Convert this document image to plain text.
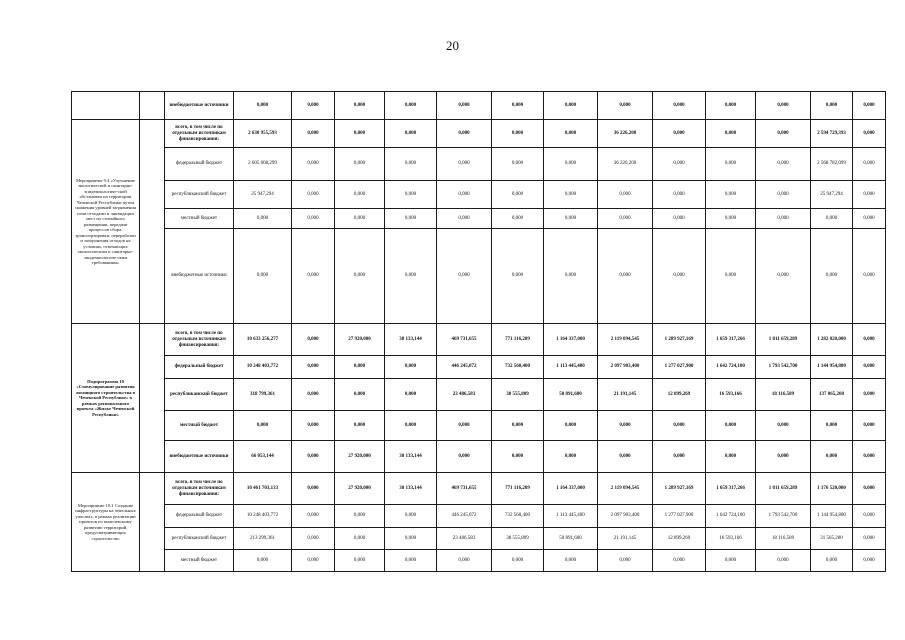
20
		внебюджетные источники	0,000	0,000	0,000	0,000	0,000	0,000	0,000	0,000	0,000	0,000	0,000	0,000	0,000
Мероприятие 9.4 «Улучшение экологической и санитарно-эпидемиологиче-ской обстановки на территории Чеченской Республики путем снижения уровней загрязнения почв отходами и ликвидации мест их стихийного размещения, передачи процессов сбора, транспортировки, переработки и захоронения отходов на условиях, отвечающих экологическим и санитарно-эпидемиологиче-ским требованиям»		всего, в том числе по отдельным источникам финансирования:	2 630 955,593	0,000	0,000	0,000	0,000	0,000	0,000	36 226,200	0,000	0,000	0,000	2 594 729,393	0,000
		федеральный бюджет	2 605 008,299	0,000	0,000	0,000	0,000	0,000	0,000	36 226,200	0,000	0,000	0,000	2 568 782,099	0,000
		республиканский бюджет	25 947,294	0,000	0,000	0,000	0,000	0,000	0,000	0,000	0,000	0,000	0,000	25 947,294	0,000
		местный бюджет	0,000	0,000	0,000	0,000	0,000	0,000	0,000	0,000	0,000	0,000	0,000	0,000	0,000
		внебюджетные источники	0,000	0,000	0,000	0,000	0,000	0,000	0,000	0,000	0,000	0,000	0,000	0,000	0,000
Подпрограмма 10 «Стимулирование развития жилищного строительства в Чеченской Республике» в рамках регионального проекта «Жилье Чеченской Республики»		всего, в том числе по отдельным источникам финансирования:	10 633 256,277	0,000	27 920,000	38 133,144	469 731,655	771 116,209	1 164 337,000	2 119 094,545	1 289 927,169	1 659 317,266	1 811 659,289	1 282 020,000	0,000
		федеральный бюджет	10 248 403,772	0,000	0,000	0,000	446 245,072	732 560,400	1 113 445,400	2 097 903,400	1 277 027,900	1 642 724,100	1 793 542,700	1 144 954,800	0,000
		республиканский бюджет	318 799,361	0,000	0,000	0,000	23 486,583	38 555,809	50 891,600	21 191,145	12 899,269	16 593,166	18 116,589	137 065,200	0,000
		местный бюджет	0,000	0,000	0,000	0,000	0,000	0,000	0,000	0,000	0,000	0,000	0,000	0,000	0,000
		внебюджетные источники	66 053,144	0,000	27 920,000	38 133,144	0,000	0,000	0,000	0,000	0,000	0,000	0,000	0,000	0,000
Мероприятие 10.1 Создание инфраструктуры на земельных участках, в рамках реализации проектов по комплексному развитию территорий, предусматривающих строительство		всего, в том числе по отдельным источникам финансирования:	10 461 703,133	0,000	27 920,000	38 133,144	469 731,655	771 116,209	1 164 337,000	2 119 094,545	1 289 927,169	1 659 317,266	1 811 659,289	1 176 520,000	0,000
		федеральный бюджет	10 248 403,772	0,000	0,000	0,000	446 245,072	732 560,400	1 113 445,400	2 097 903,400	1 277 027,900	1 642 724,100	1 793 542,700	1 144 954,800	0,000
		республиканский бюджет	213 299,361	0,000	0,000	0,000	23 486,583	38 555,809	50 891,600	21 191,145	12 899,269	16 593,166	18 116,589	31 565,200	0,000
		местный бюджет	0,000	0,000	0,000	0,000	0,000	0,000	0,000	0,000	0,000	0,000	0,000	0,000	0,000
